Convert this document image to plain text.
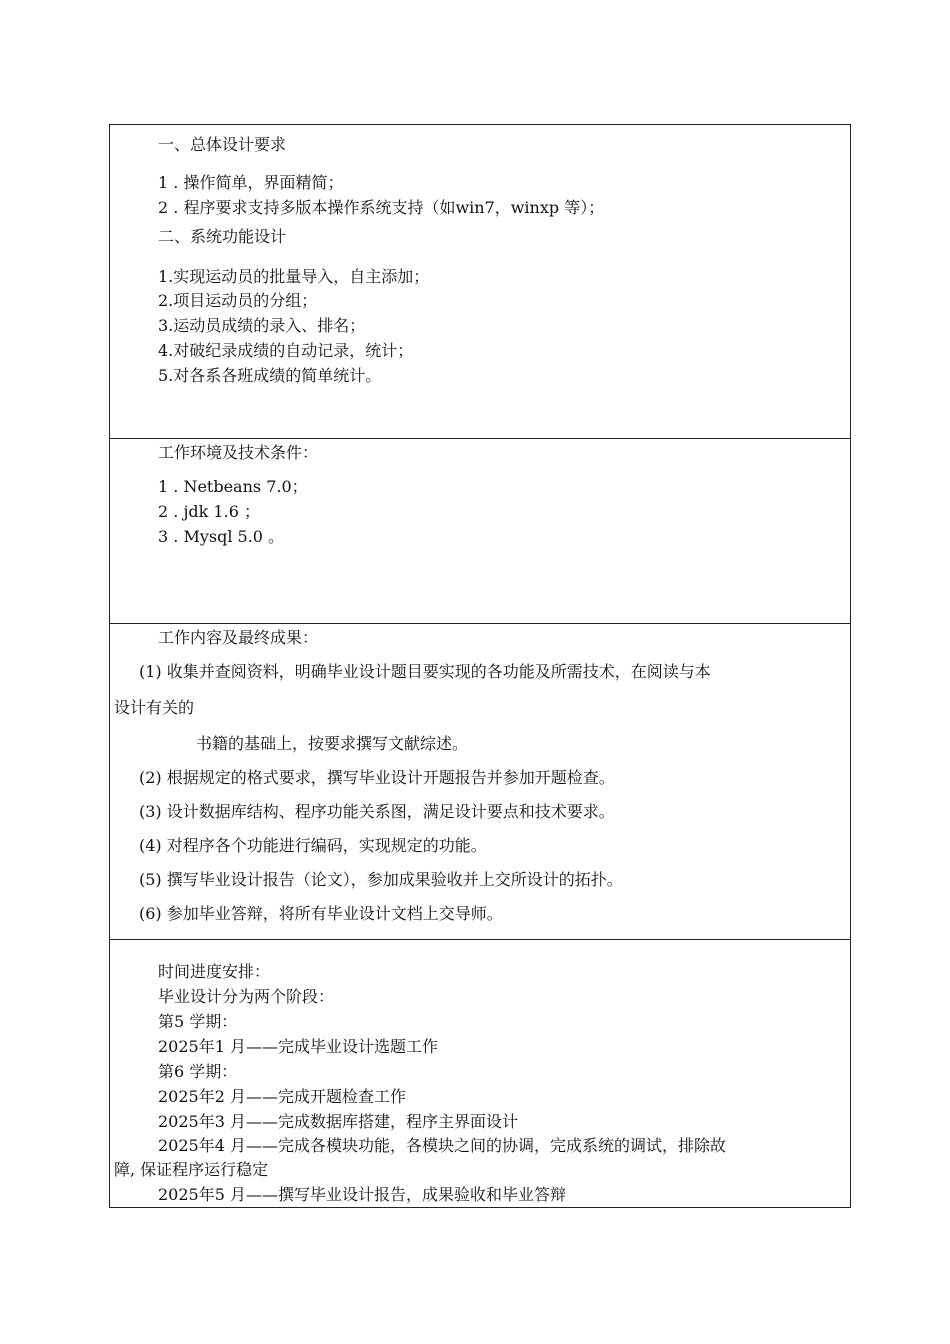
一、总体设计要求
1 . 操作简单，界面精简；
2 . 程序要求支持多版本操作系统支持（如win7，winxp 等）；
二、系统功能设计
1.实现运动员的批量导入，自主添加；
2.项目运动员的分组；
3.运动员成绩的录入、排名；
4.对破纪录成绩的自动记录，统计；
5.对各系各班成绩的简单统计。
工作环境及技术条件：
1 . Netbeans 7.0；
2 . jdk 1.6 ；
3 . Mysql 5.0 。
工作内容及最终成果：
(1) 收集并查阅资料，明确毕业设计题目要实现的各功能及所需技术，在阅读与本
设计有关的
书籍的基础上，按要求撰写文献综述。
(2) 根据规定的格式要求，撰写毕业设计开题报告并参加开题检查。
(3) 设计数据库结构、程序功能关系图，满足设计要点和技术要求。
(4) 对程序各个功能进行编码，实现规定的功能。
(5) 撰写毕业设计报告（论文），参加成果验收并上交所设计的拓扑。
(6) 参加毕业答辩，将所有毕业设计文档上交导师。
时间进度安排：
毕业设计分为两个阶段：
第5 学期：
2025年1 月——完成毕业设计选题工作
第6 学期：
2025年2 月——完成开题检查工作
2025年3 月——完成数据库搭建，程序主界面设计
2025年4 月——完成各模块功能，各模块之间的协调，完成系统的调试，排除故
障, 保证程序运行稳定
2025年5 月——撰写毕业设计报告，成果验收和毕业答辩
